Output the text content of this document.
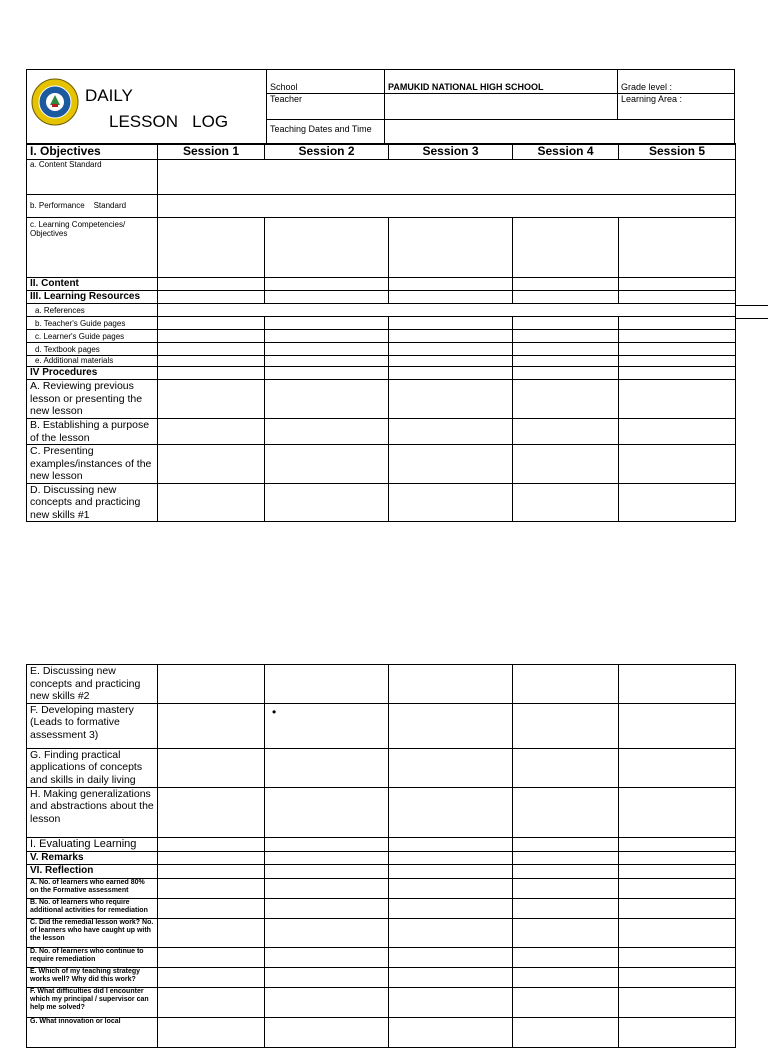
DAILY
LESSON   LOG	School	PAMUKID NATIONAL HIGH SCHOOL	Grade level :
	Teacher		Learning Area :
	Teaching Dates and Time		
I. Objectives	Session 1	Session 2	Session 3	Session 4	Session 5
a. Content Standard					
b. Performance    Standard					
c. Learning Competencies/ Objectives					
II. Content					
III. Learning Resources					
a. References					
b. Teacher's Guide pages					
c. Learner's Guide pages					
d. Textbook pages					
e. Additional materials					
IV Procedures					
A. Reviewing previous lesson or presenting the new lesson					
B. Establishing a purpose of the lesson					
C. Presenting examples/instances of the new lesson					
D. Discussing new concepts and practicing new skills #1					
E. Discussing new concepts and practicing new skills #2					
F. Developing mastery (Leads to formative assessment 3)		•			
G. Finding practical applications of concepts and skills in daily living					
H. Making generalizations and abstractions about the lesson					
I. Evaluating Learning					
V. Remarks					
VI. Reflection					
A. No. of learners who earned 80% on the Formative assessment					
B. No. of learners who require additional activities for remediation					
C. Did the remedial lesson work? No. of learners who have caught up with the lesson					
D. No. of learners who continue to require remediation					
E. Which of my teaching strategy works well? Why did this work?					
F. What difficulties did I encounter which my principal / supervisor can help me solved?					
G. What innovation or local					
